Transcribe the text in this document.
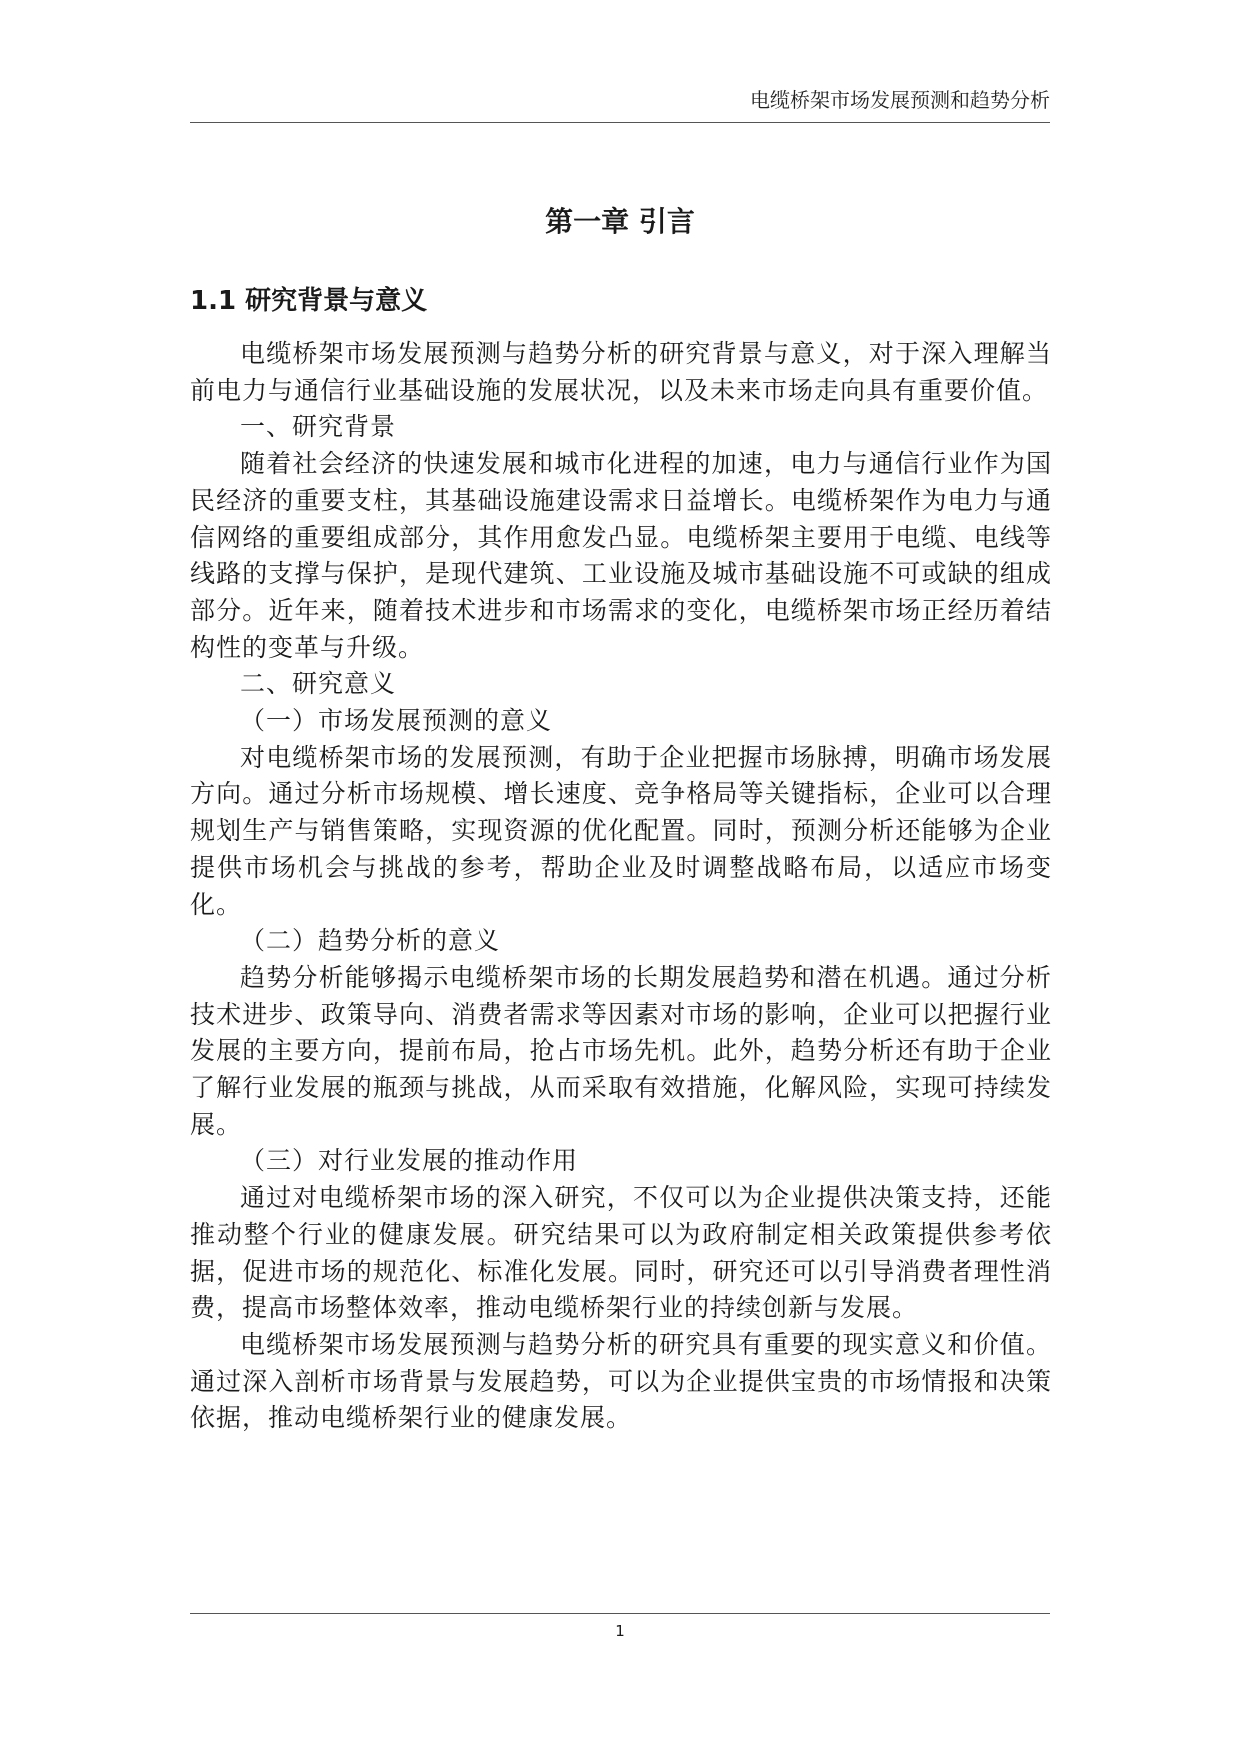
电缆桥架市场发展预测和趋势分析
第一章 引言
1.1 研究背景与意义

电缆桥架市场发展预测与趋势分析的研究背景与意义，对于深入理解当前电力与通信行业基础设施的发展状况，以及未来市场走向具有重要价值。

一、研究背景

随着社会经济的快速发展和城市化进程的加速，电力与通信行业作为国民经济的重要支柱，其基础设施建设需求日益增长。电缆桥架作为电力与通信网络的重要组成部分，其作用愈发凸显。电缆桥架主要用于电缆、电线等线路的支撑与保护，是现代建筑、工业设施及城市基础设施不可或缺的组成部分。近年来，随着技术进步和市场需求的变化，电缆桥架市场正经历着结构性的变革与升级。

二、研究意义

（一）市场发展预测的意义

对电缆桥架市场的发展预测，有助于企业把握市场脉搏，明确市场发展方向。通过分析市场规模、增长速度、竞争格局等关键指标，企业可以合理规划生产与销售策略，实现资源的优化配置。同时，预测分析还能够为企业提供市场机会与挑战的参考，帮助企业及时调整战略布局，以适应市场变化。

（二）趋势分析的意义

趋势分析能够揭示电缆桥架市场的长期发展趋势和潜在机遇。通过分析技术进步、政策导向、消费者需求等因素对市场的影响，企业可以把握行业发展的主要方向，提前布局，抢占市场先机。此外，趋势分析还有助于企业了解行业发展的瓶颈与挑战，从而采取有效措施，化解风险，实现可持续发展。

（三）对行业发展的推动作用

通过对电缆桥架市场的深入研究，不仅可以为企业提供决策支持，还能推动整个行业的健康发展。研究结果可以为政府制定相关政策提供参考依据，促进市场的规范化、标准化发展。同时，研究还可以引导消费者理性消费，提高市场整体效率，推动电缆桥架行业的持续创新与发展。

电缆桥架市场发展预测与趋势分析的研究具有重要的现实意义和价值。通过深入剖析市场背景与发展趋势，可以为企业提供宝贵的市场情报和决策依据，推动电缆桥架行业的健康发展。

1
